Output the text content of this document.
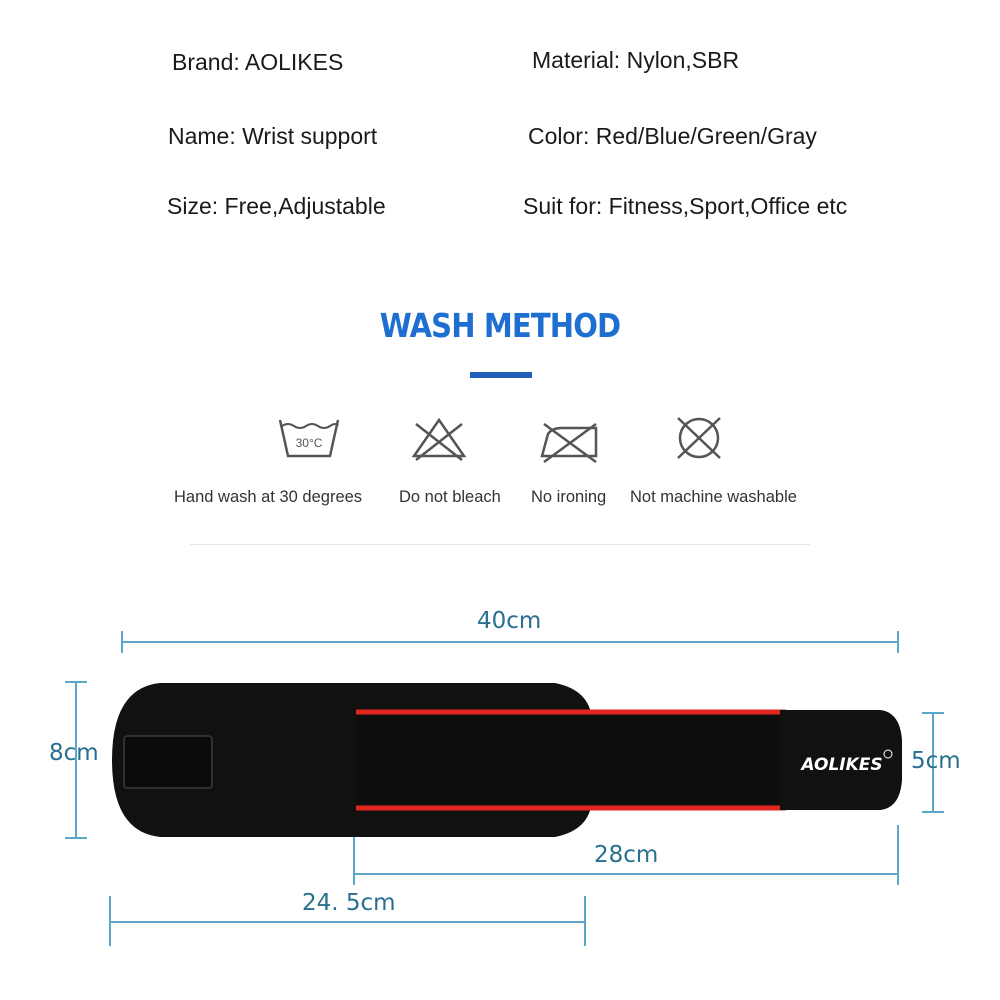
Brand: AOLIKES	Material: Nylon,SBR
Name: Wrist support	Color: Red/Blue/Green/Gray
Size: Free,Adjustable	Suit for: Fitness,Sport,Office etc
WASH METHOD
30°C
Hand wash at 30 degrees Do not bleach No ironing Not machine washable
AOLIKES
40cm
8cm	5cm
28cm
24. 5cm
